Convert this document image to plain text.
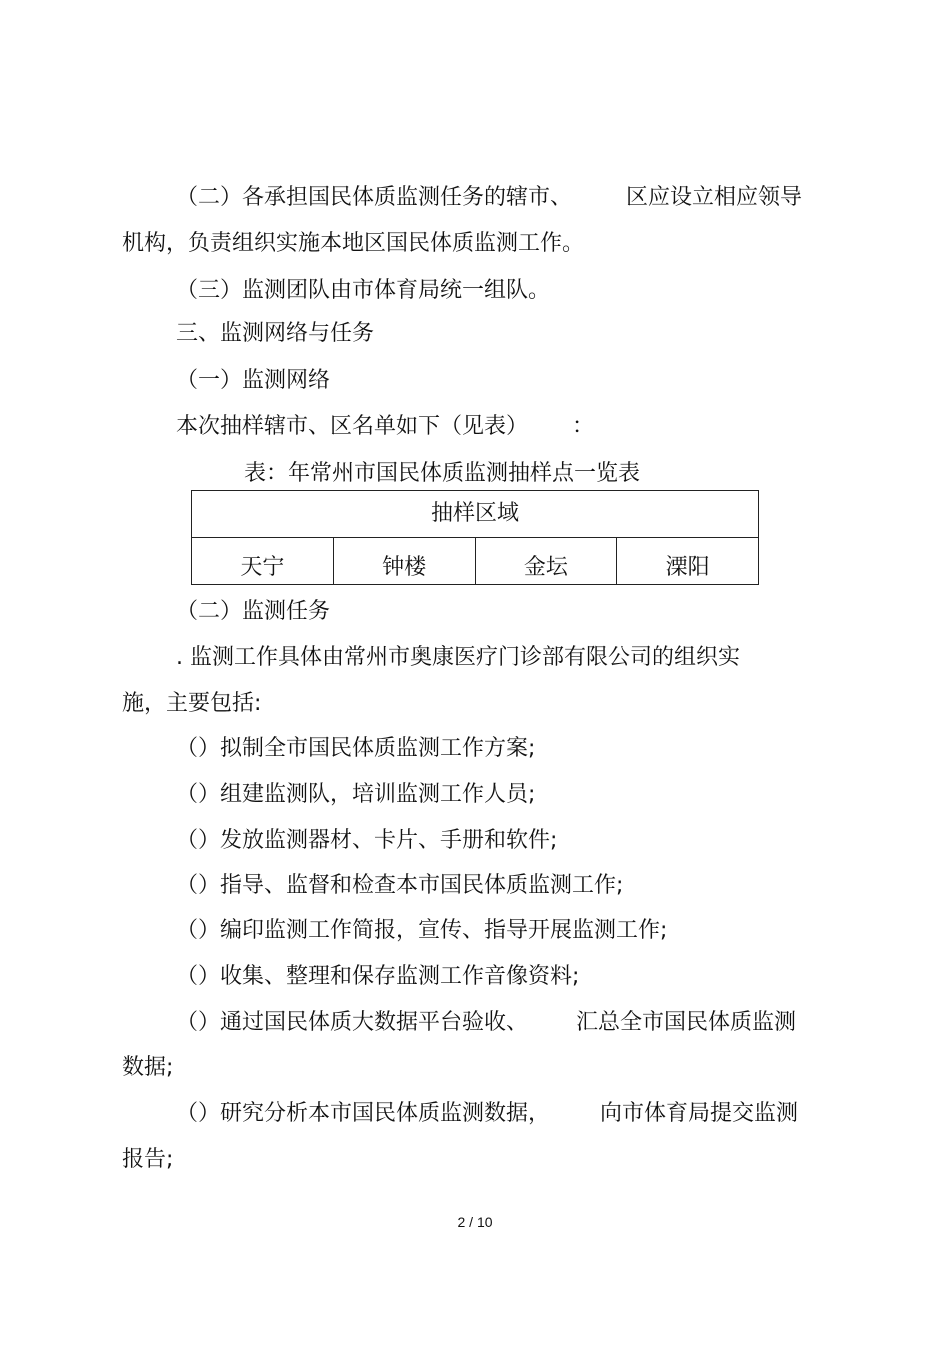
（二）各承担国民体质监测任务的辖市、 区应设立相应领导
机构，负责组织实施本地区国民体质监测工作。
（三）监测团队由市体育局统一组队。
三、监测网络与任务
（一）监测网络
本次抽样辖市、区名单如下（见表） ：
表：年常州市国民体质监测抽样点一览表
抽样区域
天宁	钟楼	金坛	溧阳
（二）监测任务
. 监测工作具体由常州市奥康医疗门诊部有限公司的组织实
施，主要包括:
（）拟制全市国民体质监测工作方案;
（）组建监测队，培训监测工作人员;
（）发放监测器材、卡片、手册和软件;
（）指导、监督和检查本市国民体质监测工作;
（）编印监测工作简报，宣传、指导开展监测工作;
（）收集、整理和保存监测工作音像资料;
（）通过国民体质大数据平台验收、 汇总全市国民体质监测
数据;
（）研究分析本市国民体质监测数据， 向市体育局提交监测
报告;
2 / 10
